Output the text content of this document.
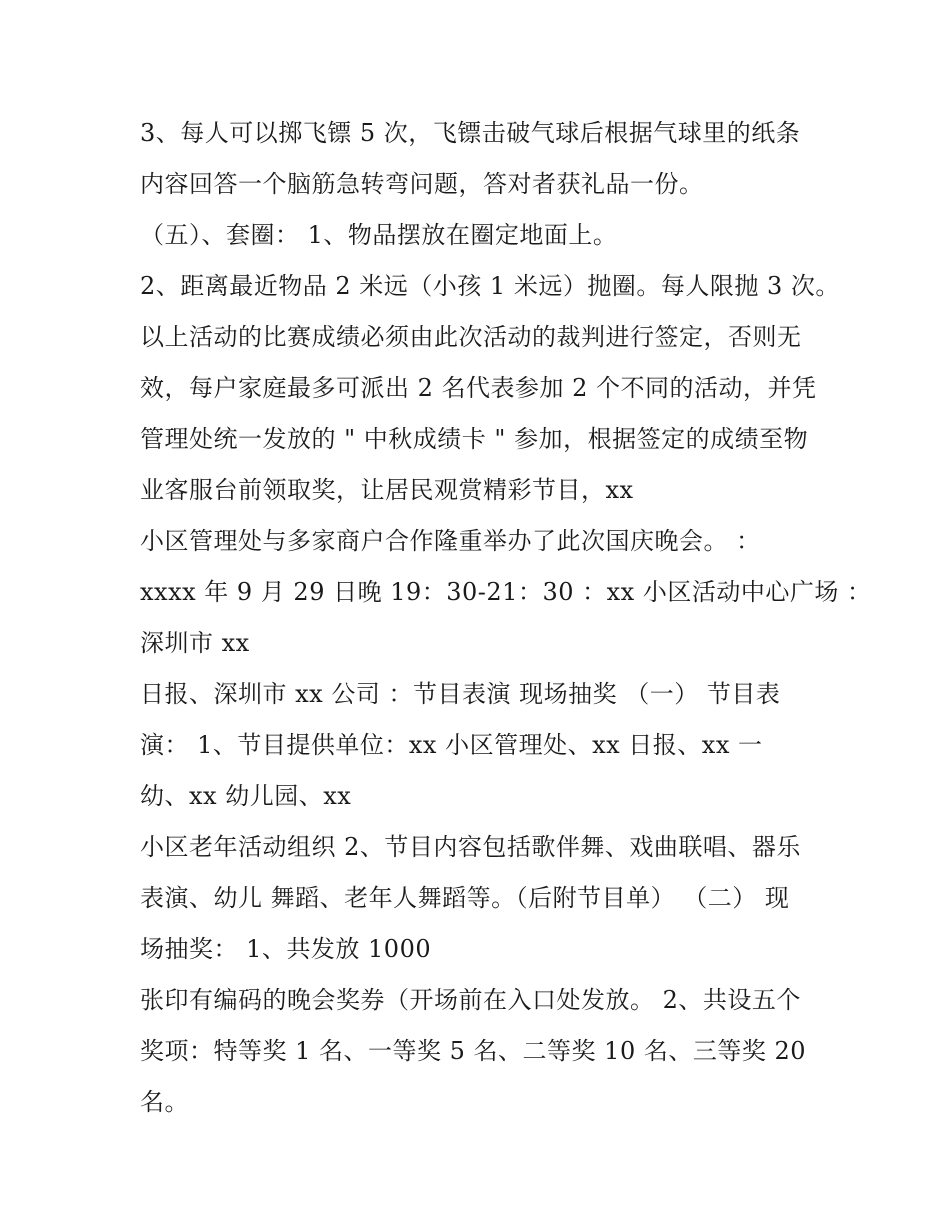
3、每人可以掷飞镖 5 次，飞镖击破气球后根据气球里的纸条
内容回答一个脑筋急转弯问题，答对者获礼品一份。
（五）、套圈： 1、物品摆放在圈定地面上。
2、距离最近物品 2 米远（小孩 1 米远）抛圈。每人限抛 3 次。
以上活动的比赛成绩必须由此次活动的裁判进行签定，否则无
效，每户家庭最多可派出 2 名代表参加 2 个不同的活动，并凭
管理处统一发放的 " 中秋成绩卡 " 参加，根据签定的成绩至物
业客服台前领取奖，让居民观赏精彩节目，xx
小区管理处与多家商户合作隆重举办了此次国庆晚会。 ：
xxxx 年 9 月 29 日晚 19：30-21：30 ：xx 小区活动中心广场 ：
深圳市 xx
日报、深圳市 xx 公司 ：节目表演 现场抽奖 （一） 节目表
演： 1、节目提供单位：xx 小区管理处、xx 日报、xx 一
幼、xx 幼儿园、xx
小区老年活动组织 2、节目内容包括歌伴舞、戏曲联唱、器乐
表演、幼儿 舞蹈、老年人舞蹈等。（后附节目单） （二） 现
场抽奖： 1、共发放 1000
张印有编码的晚会奖券（开场前在入口处发放。 2、共设五个
奖项：特等奖 1 名、一等奖 5 名、二等奖 10 名、三等奖 20
名。
